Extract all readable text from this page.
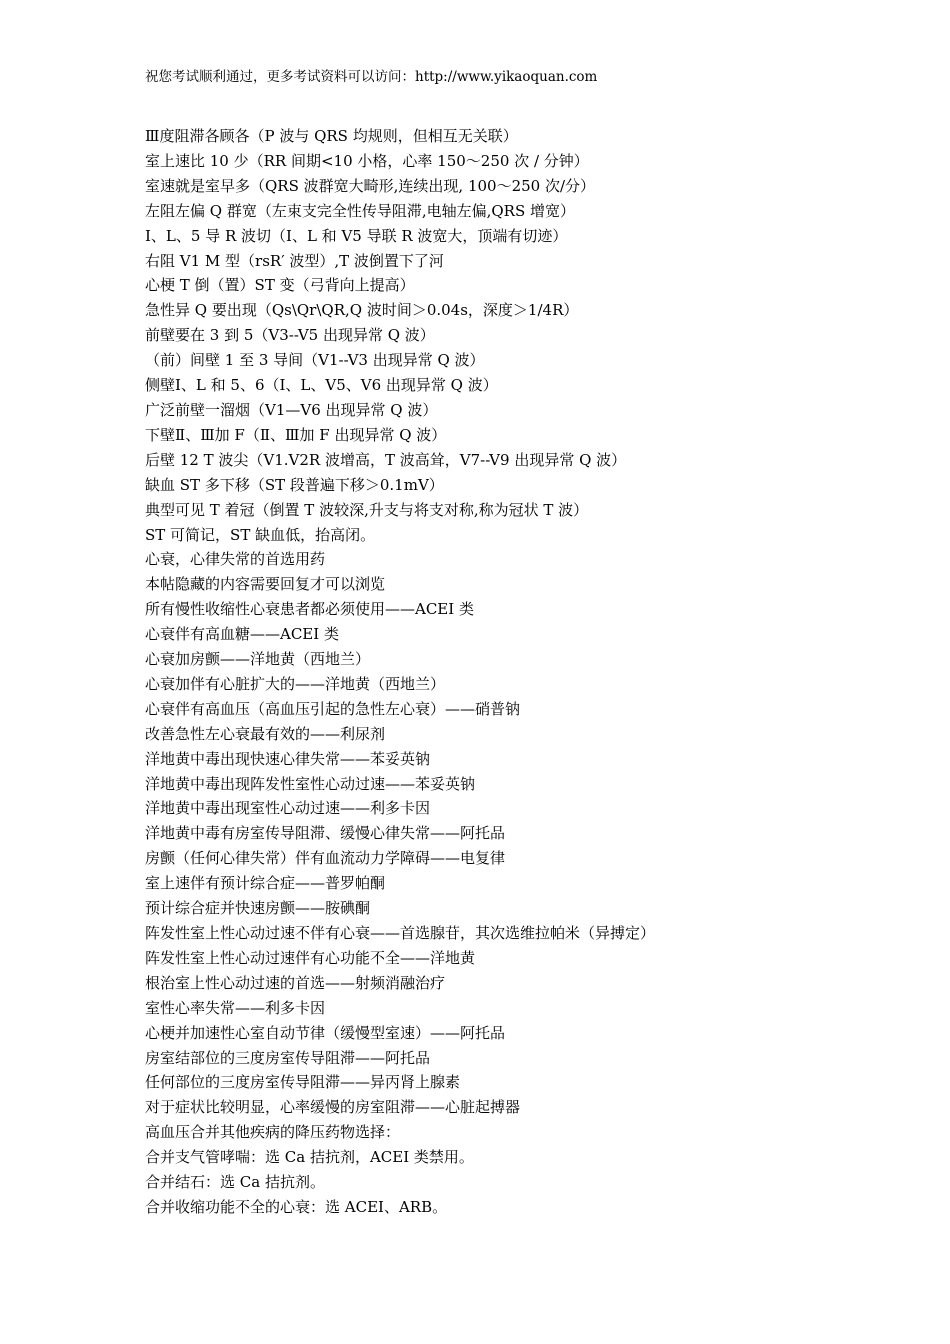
祝您考试顺利通过，更多考试资料可以访问：http://www.yikaoquan.com
Ⅲ度阻滞各顾各（P 波与 QRS 均规则，但相互无关联）
室上速比 10 少（RR 间期<10 小格，心率 150～250 次 / 分钟）
室速就是室早多（QRS 波群宽大畸形,连续出现, 100～250 次/分）
左阻左偏 Q 群宽（左束支完全性传导阻滞,电轴左偏,QRS 增宽）
Ⅰ、L、5 导 R 波切（Ⅰ、L 和 V5 导联 R 波宽大，顶端有切迹）
右阻 V1 M 型（rsR′ 波型）,T 波倒置下了河
心梗 T 倒（置）ST 变（弓背向上提高）
急性异 Q 要出现（Qs\Qr\QR,Q 波时间＞0.04s，深度＞1/4R）
前壁要在 3 到 5（V3--V5 出现异常 Q 波）
（前）间壁 1 至 3 导间（V1--V3 出现异常 Q 波）
侧壁Ⅰ、L 和 5、6（Ⅰ、L、V5、V6 出现异常 Q 波）
广泛前壁一溜烟（V1—V6 出现异常 Q 波）
下壁Ⅱ、Ⅲ加 F（Ⅱ、Ⅲ加 F 出现异常 Q 波）
后壁 12 T 波尖（V1.V2R 波增高，T 波高耸，V7--V9 出现异常 Q 波）
缺血 ST 多下移（ST 段普遍下移＞0.1mV）
典型可见 T 着冠（倒置 T 波较深,升支与将支对称,称为冠状 T 波）
ST 可简记，ST 缺血低，抬高闭。
心衰，心律失常的首选用药
本帖隐藏的内容需要回复才可以浏览
所有慢性收缩性心衰患者都必须使用——ACEI 类
心衰伴有高血糖——ACEI 类
心衰加房颤——洋地黄（西地兰）
心衰加伴有心脏扩大的——洋地黄（西地兰）
心衰伴有高血压（高血压引起的急性左心衰）——硝普钠
改善急性左心衰最有效的——利尿剂
洋地黄中毒出现快速心律失常——苯妥英钠
洋地黄中毒出现阵发性室性心动过速——苯妥英钠
洋地黄中毒出现室性心动过速——利多卡因
洋地黄中毒有房室传导阻滞、缓慢心律失常——阿托品
房颤（任何心律失常）伴有血流动力学障碍——电复律
室上速伴有预计综合症——普罗帕酮
预计综合症并快速房颤——胺碘酮
阵发性室上性心动过速不伴有心衰——首选腺苷，其次选维拉帕米（异搏定）
阵发性室上性心动过速伴有心功能不全——洋地黄
根治室上性心动过速的首选——射频消融治疗
室性心率失常——利多卡因
心梗并加速性心室自动节律（缓慢型室速）——阿托品
房室结部位的三度房室传导阻滞——阿托品
任何部位的三度房室传导阻滞——异丙肾上腺素
对于症状比较明显，心率缓慢的房室阻滞——心脏起搏器
高血压合并其他疾病的降压药物选择：
合并支气管哮喘：选 Ca 拮抗剂，ACEI 类禁用。
合并结石：选 Ca 拮抗剂。
合并收缩功能不全的心衰：选 ACEI、ARB。
